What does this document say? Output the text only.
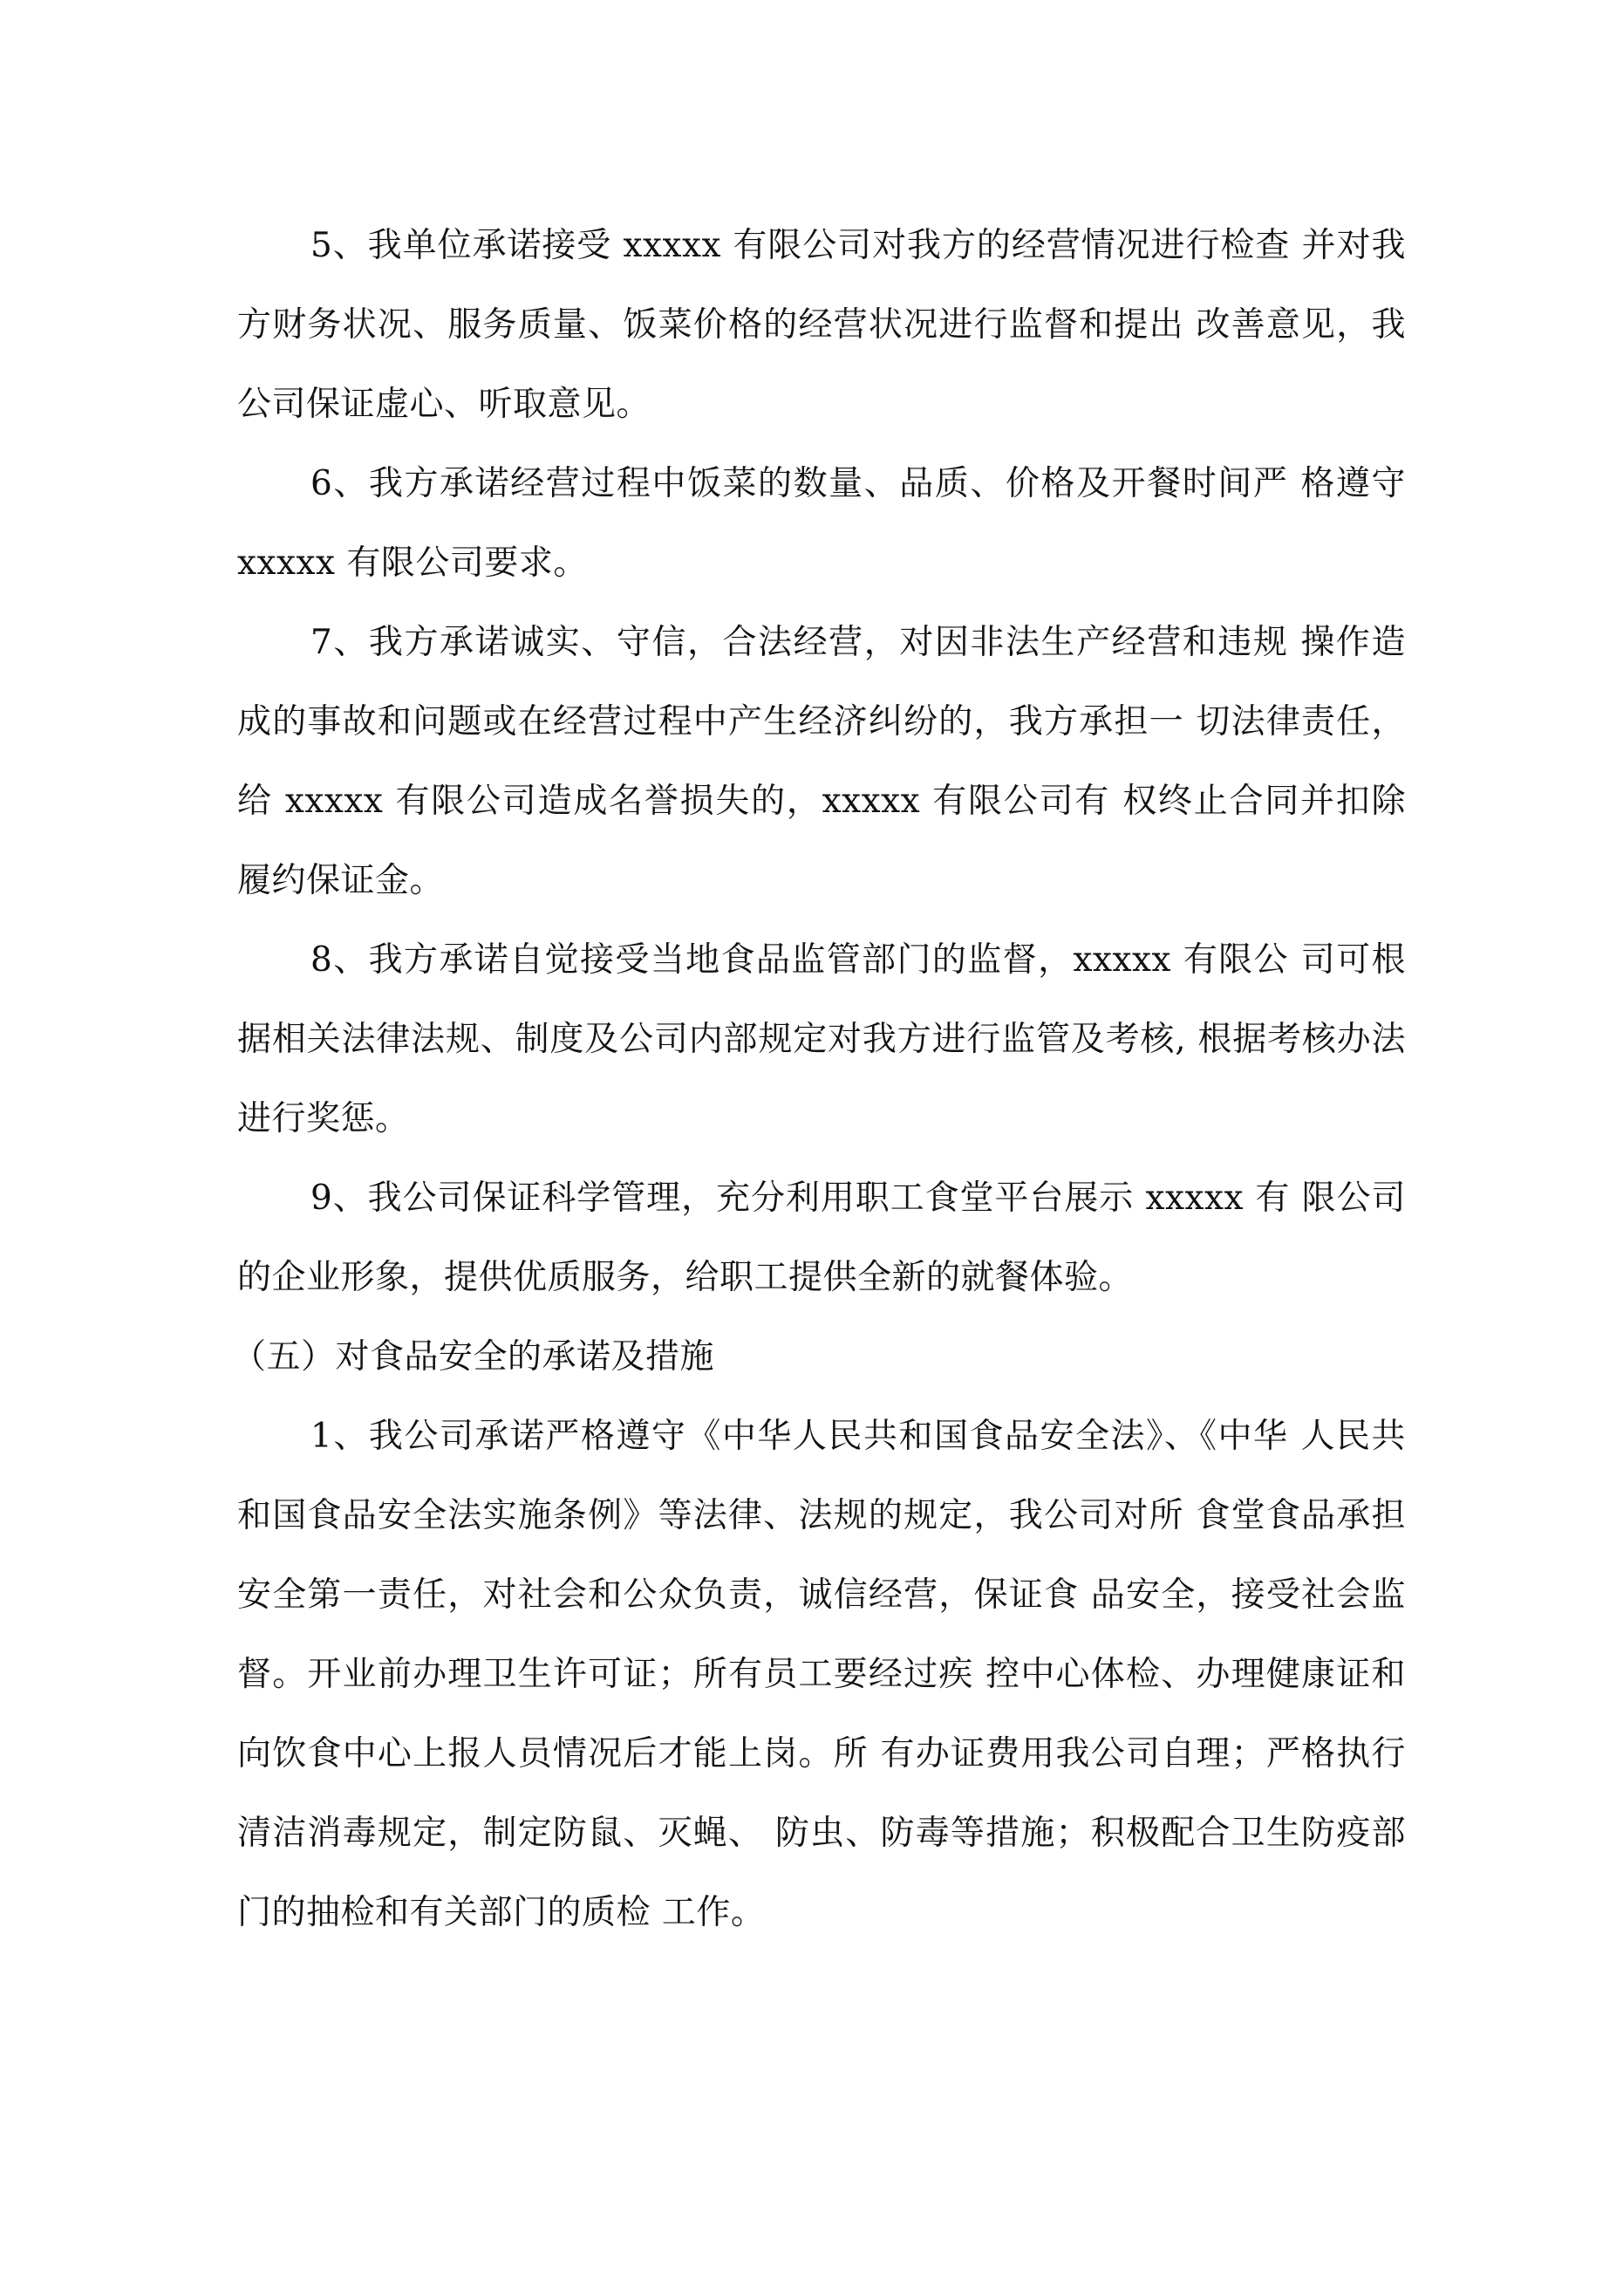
5、我单位承诺接受 xxxxx 有限公司对我方的经营情况进行检查 并对我方财务状况、服务质量、饭菜价格的经营状况进行监督和提出 改善意见，我公司保证虚心、听取意见。

6、我方承诺经营过程中饭菜的数量、品质、价格及开餐时间严 格遵守 xxxxx 有限公司要求。

7、我方承诺诚实、守信，合法经营，对因非法生产经营和违规 操作造成的事故和问题或在经营过程中产生经济纠纷的，我方承担一 切法律责任，给 xxxxx 有限公司造成名誉损失的，xxxxx 有限公司有 权终止合同并扣除履约保证金。

8、我方承诺自觉接受当地食品监管部门的监督，xxxxx 有限公 司可根据相关法律法规、制度及公司内部规定对我方进行监管及考核, 根据考核办法进行奖惩。

9、我公司保证科学管理，充分利用职工食堂平台展示 xxxxx 有 限公司的企业形象，提供优质服务，给职工提供全新的就餐体验。

（五）对食品安全的承诺及措施

1、我公司承诺严格遵守《中华人民共和国食品安全法》、《中华 人民共和国食品安全法实施条例》等法律、法规的规定，我公司对所 食堂食品承担安全第一责任，对社会和公众负责，诚信经营，保证食 品安全，接受社会监督。开业前办理卫生许可证；所有员工要经过疾 控中心体检、办理健康证和向饮食中心上报人员情况后才能上岗。所 有办证费用我公司自理；严格执行清洁消毒规定，制定防鼠、灭蝇、 防虫、防毒等措施；积极配合卫生防疫部门的抽检和有关部门的质检 工作。
